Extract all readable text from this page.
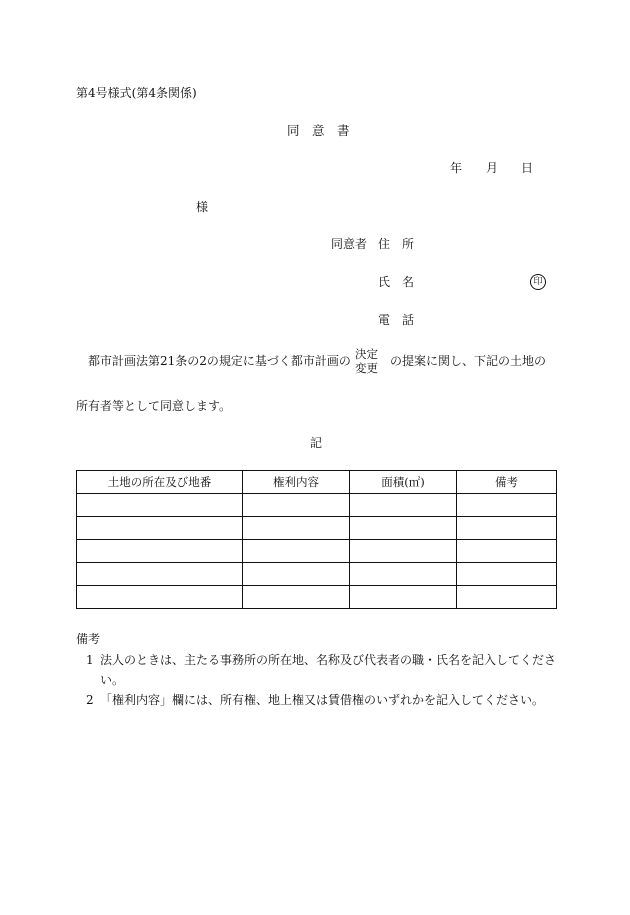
第4号様式(第4条関係)
同　意　書
年 月 日
様
同意者 住　所
氏　名	印
電　話
都市計画法第21条の2の規定に基づく都市計画の 決定
変更 の提案に関し、下記の土地の
所有者等として同意します。
記
土地の所在及び地番	権利内容	面積(㎡)	備考

備考
1 法人のときは、主たる事務所の所在地、名称及び代表者の職・氏名を記入してください。
2 「権利内容」欄には、所有権、地上権又は賃借権のいずれかを記入してください。
